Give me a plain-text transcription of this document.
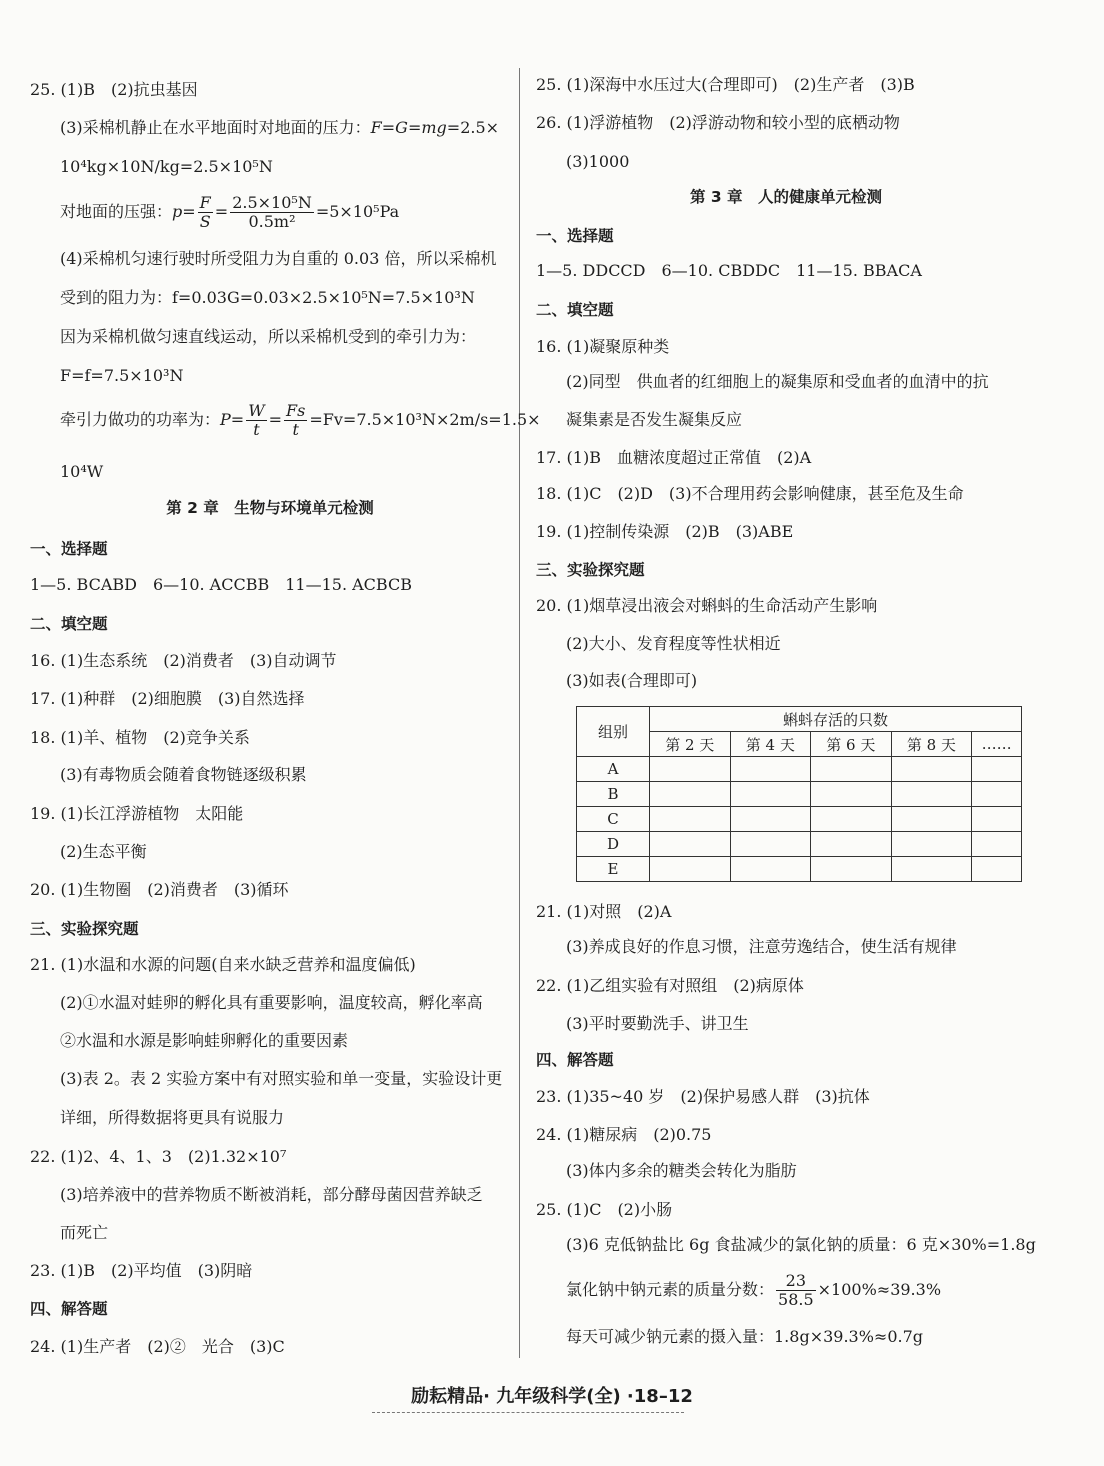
25. (1)B　(2)抗虫基因
(3)采棉机静止在水平地面时对地面的压力：F=G=mg=2.5×
10⁴kg×10N/kg=2.5×10⁵N
对地面的压强：$p= \frac{F}{S} = \frac{\text{2.5×10⁵N}}{\text{0.5m²}} =5\times 10^5Pa$
(4)采棉机匀速行驶时所受阻力为自重的 0.03 倍，所以采棉机
受到的阻力为：f=0.03G=0.03×2.5×10⁵N=7.5×10³N
因为采棉机做匀速直线运动，所以采棉机受到的牵引力为：
F=f=7.5×10³N
牵引力做功的功率为：$P= \frac{W}{t} = \frac{Fs}{t} =Fv=7.5\times 10^3N\times 2m/s=1.5\times$
10⁴W
第 2 章　生物与环境单元检测
一、选择题
1—5. BCABD　6—10. ACCBB　11—15. ACBCB
二、填空题
16. (1)生态系统　(2)消费者　(3)自动调节
17. (1)种群　(2)细胞膜　(3)自然选择
18. (1)羊、植物　(2)竞争关系
(3)有毒物质会随着食物链逐级积累
19. (1)长江浮游植物　太阳能
(2)生态平衡
20. (1)生物圈　(2)消费者　(3)循环
三、实验探究题
21. (1)水温和水源的问题(自来水缺乏营养和温度偏低)
(2)①水温对蛙卵的孵化具有重要影响，温度较高，孵化率高
②水温和水源是影响蛙卵孵化的重要因素
(3)表 2。表 2 实验方案中有对照实验和单一变量，实验设计更
详细，所得数据将更具有说服力
22. (1)2、4、1、3　(2)1.32×10⁷
(3)培养液中的营养物质不断被消耗，部分酵母菌因营养缺乏
而死亡
23. (1)B　(2)平均值　(3)阴暗
四、解答题
24. (1)生产者　(2)②　光合　(3)C
25. (1)深海中水压过大(合理即可)　(2)生产者　(3)B
26. (1)浮游植物　(2)浮游动物和较小型的底栖动物
(3)1000
第 3 章　人的健康单元检测
一、选择题
1—5. DDCCD　6—10. CBDDC　11—15. BBACA
二、填空题
16. (1)凝聚原种类
(2)同型　供血者的红细胞上的凝集原和受血者的血清中的抗
凝集素是否发生凝集反应
17. (1)B　血糖浓度超过正常值　(2)A
18. (1)C　(2)D　(3)不合理用药会影响健康，甚至危及生命
19. (1)控制传染源　(2)B　(3)ABE
三、实验探究题
20. (1)烟草浸出液会对蝌蚪的生命活动产生影响
(2)大小、发育程度等性状相近
(3)如表(合理即可)
组别	蝌蚪存活的只数				
	第 2 天	第 4 天	第 6 天	第 8 天	……
A					
B					
C					
D					
E					
21. (1)对照　(2)A
(3)养成良好的作息习惯，注意劳逸结合，使生活有规律
22. (1)乙组实验有对照组　(2)病原体
(3)平时要勤洗手、讲卫生
四、解答题
23. (1)35~40 岁　(2)保护易感人群　(3)抗体
24. (1)糖尿病　(2)0.75
(3)体内多余的糖类会转化为脂肪
25. (1)C　(2)小肠
(3)6 克低钠盐比 6g 食盐减少的氯化钠的质量：6 克×30%=1.8g
氯化钠中钠元素的质量分数： $\frac{23}{58.5} \times 100\%\approx 39.3\%$
每天可减少钠元素的摄入量：1.8g×39.3%≈0.7g
励耘精品· 九年级科学(全) ·18–12
